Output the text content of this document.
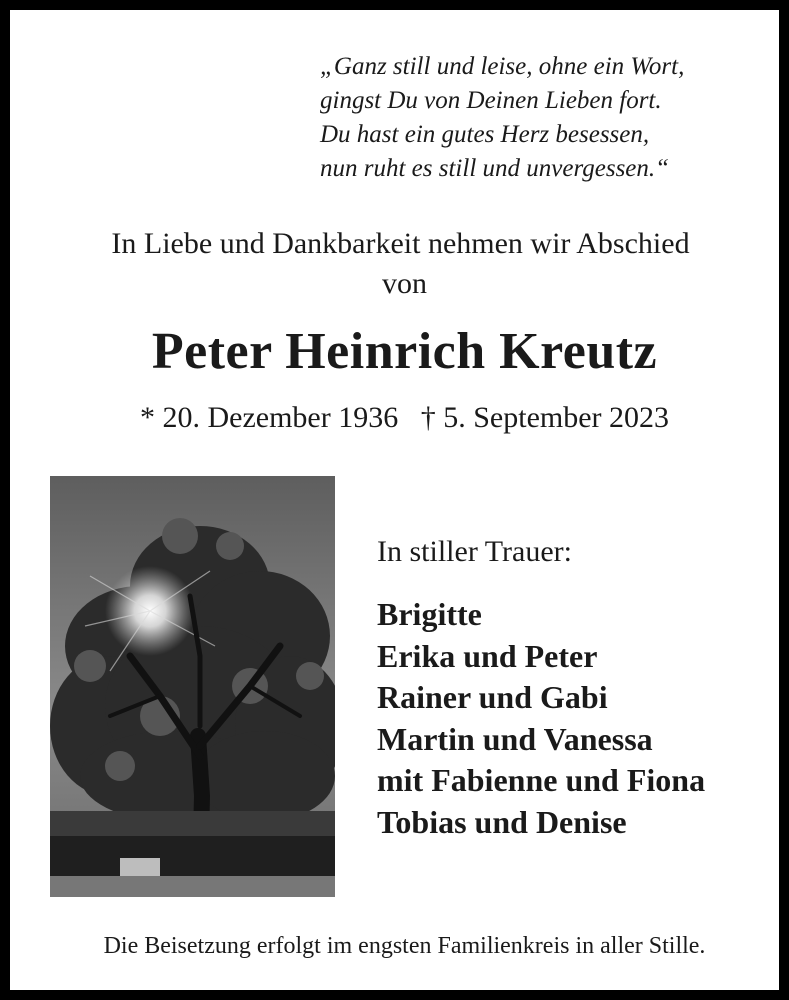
„Ganz still und leise, ohne ein Wort,
gingst Du von Deinen Lieben fort.
Du hast ein gutes Herz besessen,
nun ruht es still und unvergessen.“
In Liebe und Dankbarkeit nehmen wir Abschied
von
Peter Heinrich Kreutz
* 20. Dezember 1936 † 5. September 2023
In stiller Trauer:
Brigitte
Erika und Peter
Rainer und Gabi
Martin und Vanessa
mit Fabienne und Fiona
Tobias und Denise
Die Beisetzung erfolgt im engsten Familienkreis in aller Stille.
